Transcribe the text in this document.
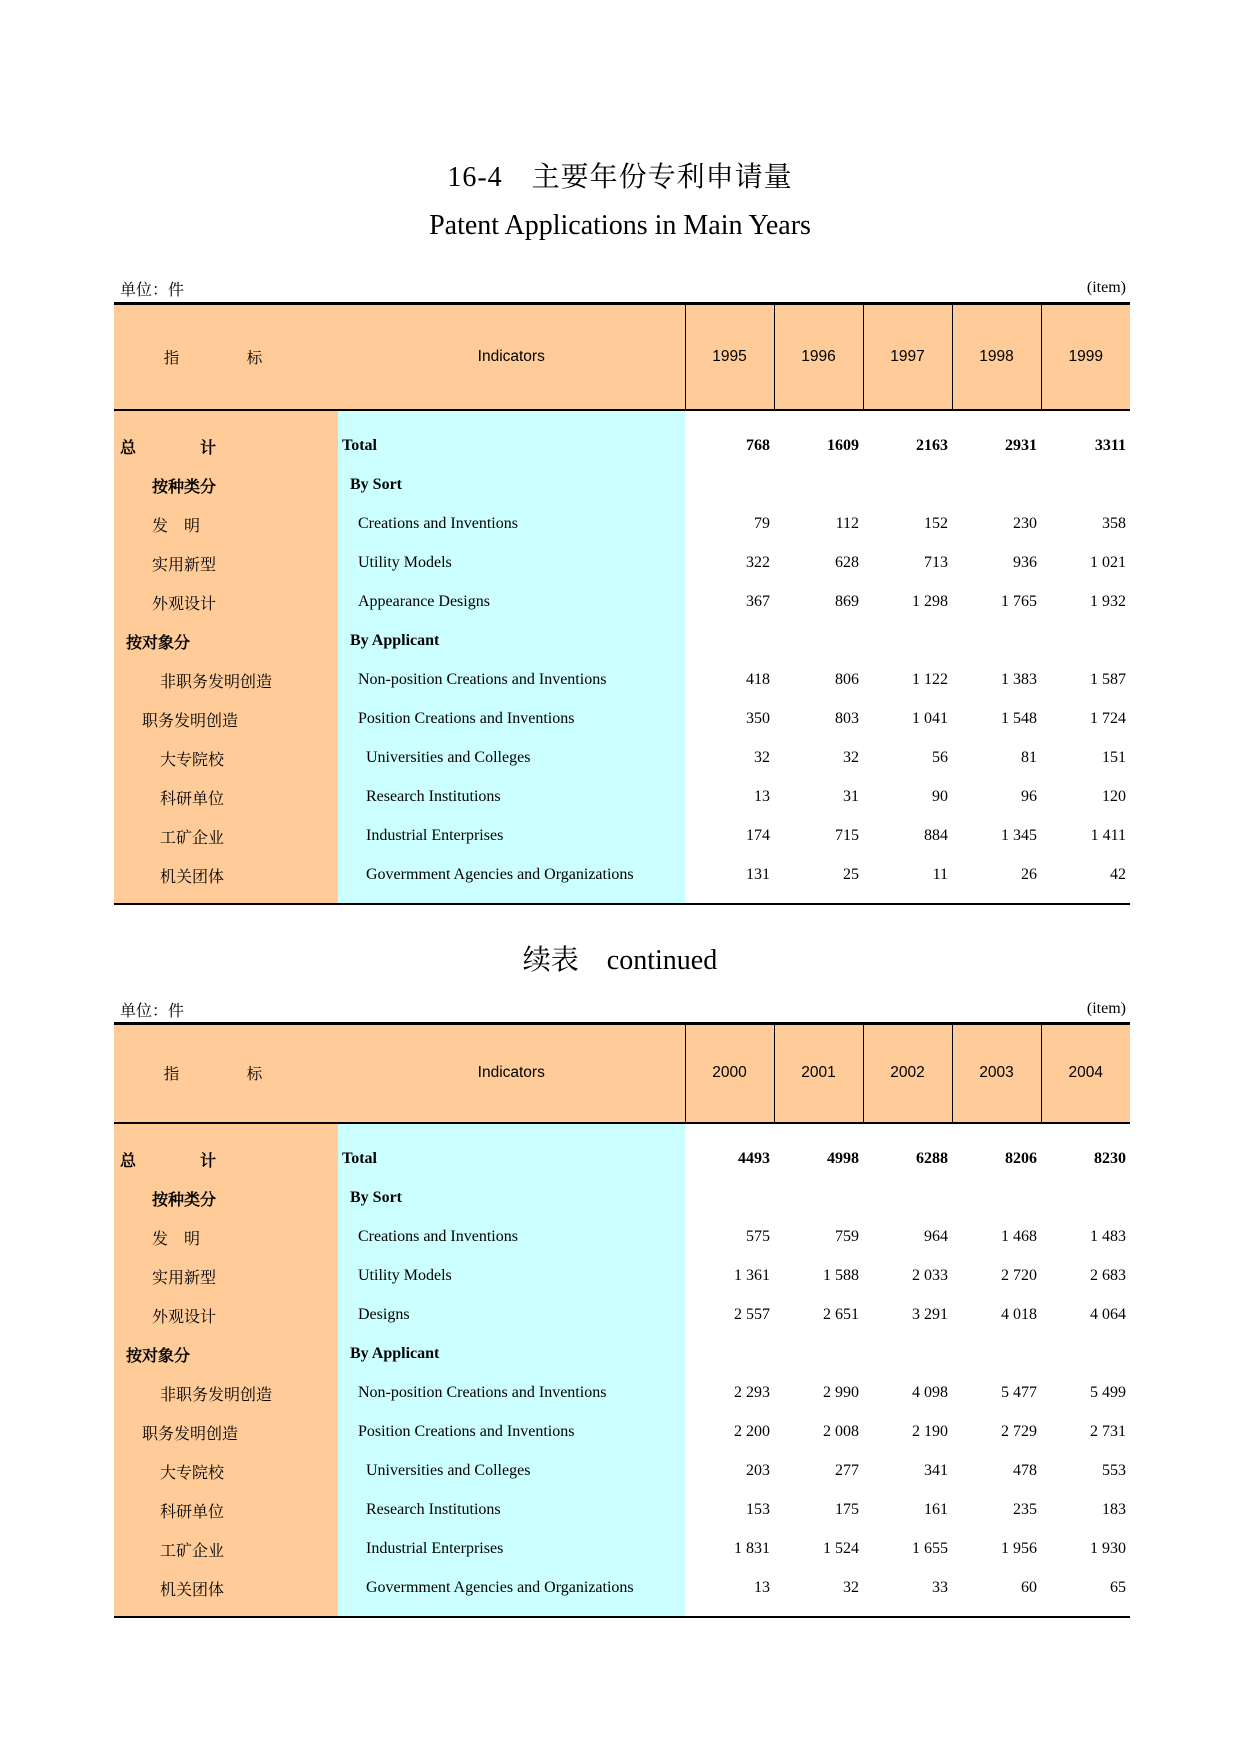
16-4　主要年份专利申请量
Patent Applications in Main Years
单位：件	(item)
指　标	Indicators	1995	1996	1997	1998	1999
总　计	Total	768	1609	2163	2931	3311
按种类分	By Sort					
发　明	Creations and Inventions	79	112	152	230	358
实用新型	Utility Models	322	628	713	936	1 021
外观设计	Appearance Designs	367	869	1 298	1 765	1 932
按对象分	By Applicant					
非职务发明创造	Non-position Creations and Inventions	418	806	1 122	1 383	1 587
职务发明创造	Position Creations and Inventions	350	803	1 041	1 548	1 724
大专院校	Universities and Colleges	32	32	56	81	151
科研单位	Research Institutions	13	31	90	96	120
工矿企业	Industrial Enterprises	174	715	884	1 345	1 411
机关团体	Govermment Agencies and Organizations	131	25	11	26	42
续表 continued
单位：件	(item)
指　标	Indicators	2000	2001	2002	2003	2004
总　计	Total	4493	4998	6288	8206	8230
按种类分	By Sort					
发　明	Creations and Inventions	575	759	964	1 468	1 483
实用新型	Utility Models	1 361	1 588	2 033	2 720	2 683
外观设计	Designs	2 557	2 651	3 291	4 018	4 064
按对象分	By Applicant					
非职务发明创造	Non-position Creations and Inventions	2 293	2 990	4 098	5 477	5 499
职务发明创造	Position Creations and Inventions	2 200	2 008	2 190	2 729	2 731
大专院校	Universities and Colleges	203	277	341	478	553
科研单位	Research Institutions	153	175	161	235	183
工矿企业	Industrial Enterprises	1 831	1 524	1 655	1 956	1 930
机关团体	Govermment Agencies and Organizations	13	32	33	60	65
